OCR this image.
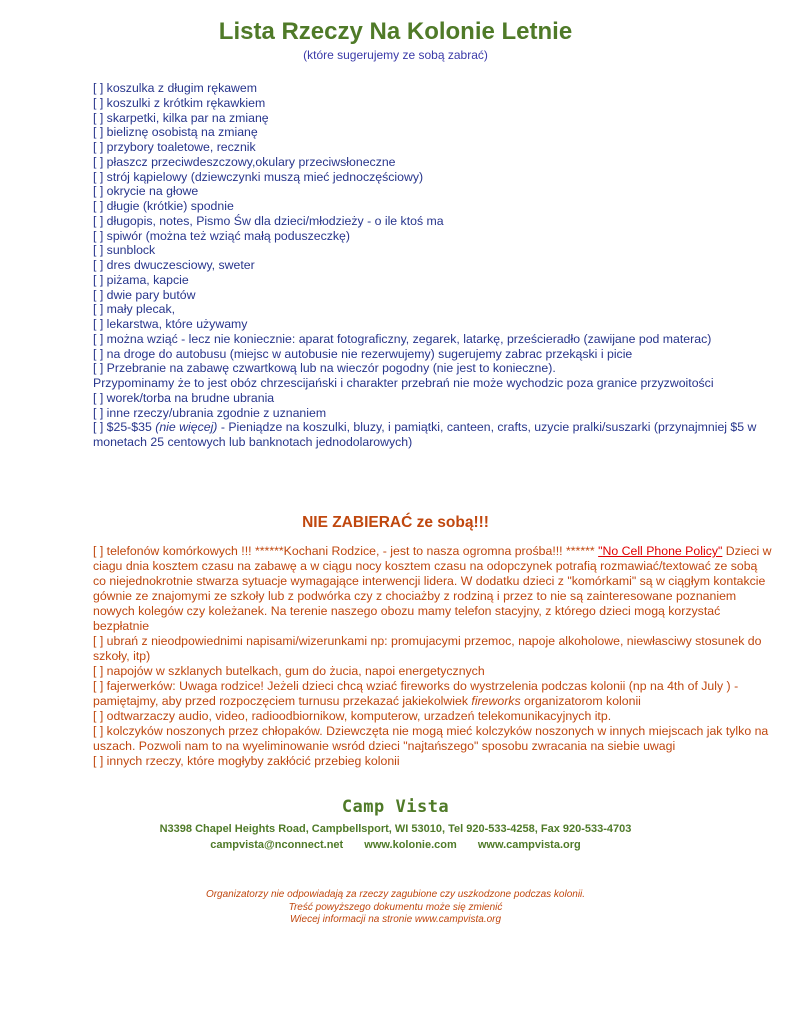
Lista Rzeczy Na Kolonie Letnie
(które sugerujemy ze sobą zabrać)
[ ] koszulka z długim rękawem
[ ] koszulki z krótkim rękawkiem
[ ] skarpetki, kilka par na zmianę
[ ] bieliznę osobistą na zmianę
[ ] przybory toaletowe, recznik
[ ] płaszcz przeciwdeszczowy,okulary przeciwsłoneczne
[ ] strój kąpielowy (dziewczynki muszą mieć jednoczęściowy)
[ ] okrycie na głowe
[ ] długie (krótkie) spodnie
[ ] długopis, notes, Pismo Św dla dzieci/młodzieży - o ile ktoś ma
[ ] spiwór (można też wziąć małą poduszeczkę)
[ ] sunblock
[ ] dres dwuczesciowy, sweter
[ ] piżama, kapcie
[ ] dwie pary butów
[ ] mały plecak,
[ ] lekarstwa, które używamy
[ ] można wziąć - lecz nie koniecznie: aparat fotograficzny, zegarek, latarkę, prześcieradło (zawijane pod materac)
[ ] na droge do autobusu (miejsc w autobusie nie rezerwujemy) sugerujemy zabrac przekąski i picie
[ ] Przebranie na zabawę czwartkową lub na wieczór pogodny (nie jest to konieczne).
Przypominamy że to jest obóz chrzescijański i charakter przebrań nie może wychodzic poza granice przyzwoitości
[ ] worek/torba na brudne ubrania
[ ] inne rzeczy/ubrania zgodnie z uznaniem
[ ] $25-$35 (nie więcej) - Pieniądze na koszulki, bluzy, i pamiątki, canteen, crafts, uzycie pralki/suszarki (przynajmniej $5 w monetach 25 centowych lub banknotach jednodolarowych)
NIE ZABIERAĆ ze sobą!!!
[ ] telefonów komórkowych !!! ******Kochani Rodzice, - jest to nasza ogromna prośba!!! ****** "No Cell Phone Policy" Dzieci w ciagu dnia kosztem czasu na zabawę a w ciągu nocy kosztem czasu na odopczynek potrafią rozmawiać/textować ze sobą co niejednokrotnie stwarza sytuacje wymagające interwencji lidera. W dodatku dzieci z "komórkami" są w ciągłym kontakcie gównie ze znajomymi ze szkoły lub z podwórka czy z chociażby z rodziną i przez to nie są zainteresowane poznaniem nowych kolegów czy koleżanek. Na terenie naszego obozu mamy telefon stacyjny, z którego dzieci mogą korzystać bezpłatnie
[ ] ubrań z nieodpowiednimi napisami/wizerunkami np: promujacymi przemoc, napoje alkoholowe, niewłasciwy stosunek do szkoły, itp)
[ ] napojów w szklanych butelkach, gum do żucia, napoi energetycznych
[ ] fajerwerków: Uwaga rodzice! Jeżeli dzieci chcą wziać fireworks do wystrzelenia podczas kolonii (np na 4th of July ) - pamiętajmy, aby przed rozpoczęciem turnusu przekazać jakiekolwiek fireworks organizatorom kolonii
[ ] odtwarzaczy audio, video, radioodbiornikow, komputerow, urzadzeń telekomunikacyjnych itp.
[ ] kolczyków noszonych przez chłopaków. Dziewczęta nie mogą mieć kolczyków noszonych w innych miejscach jak tylko na uszach. Pozwoli nam to na wyeliminowanie wsród dzieci "najtańszego" sposobu zwracania na siebie uwagi
[ ] innych rzeczy, które mogłyby zakłócić przebieg kolonii
Camp Vista
N3398 Chapel Heights Road, Campbellsport, WI 53010, Tel 920-533-4258, Fax 920-533-4703
campvista@nconnect.net www.kolonie.com www.campvista.org
Organizatorzy nie odpowiadają za rzeczy zagubione czy uszkodzone podczas kolonii.
Treść powyższego dokumentu może się zmienić
Wiecej informacji na stronie www.campvista.org
